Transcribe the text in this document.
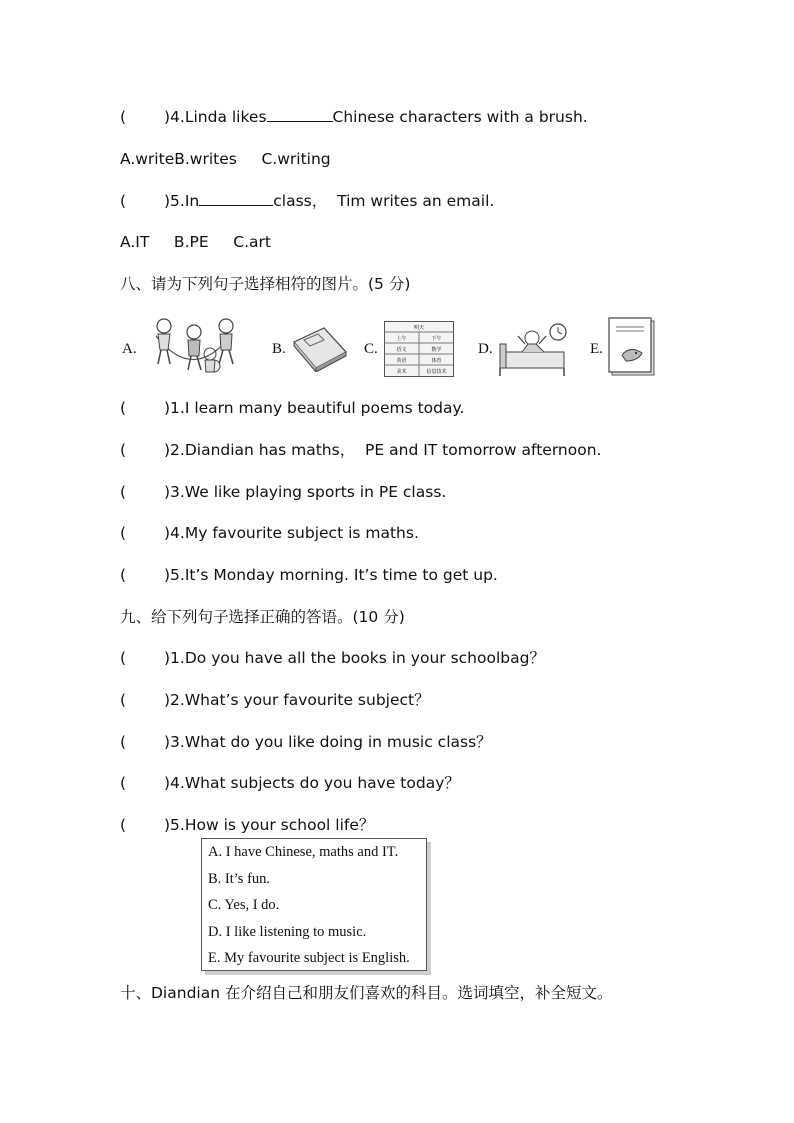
( )4.Linda likes	Chinese characters with a brush.
A.writeB.writes     C.writing
( )5.In	class，  Tim writes an email.
A.IT     B.PE     C.art
八、请为下列句子选择相符的图片。(5 分)
A.	B.	C.
明天
上午	下午
语文	数学
英语	体育
美术	信息技术
D.	E.
( )1.I learn many beautiful poems today.
( )2.Diandian has maths，  PE and IT tomorrow afternoon.
( )3.We like playing sports in PE class.
( )4.My favourite subject is maths.
( )5.It’s Monday morning. It’s time to get up.
九、给下列句子选择正确的答语。(10 分)
( )1.Do you have all the books in your schoolbag？
( )2.What’s your favourite subject？
( )3.What do you like doing in music class？
( )4.What subjects do you have today？
( )5.How is your school life？
A. I have Chinese, maths and IT.
B. It’s fun.
C. Yes, I do.
D. I like listening to music.
E. My favourite subject is English.
十、Diandian 在介绍自己和朋友们喜欢的科目。选词填空，补全短文。
